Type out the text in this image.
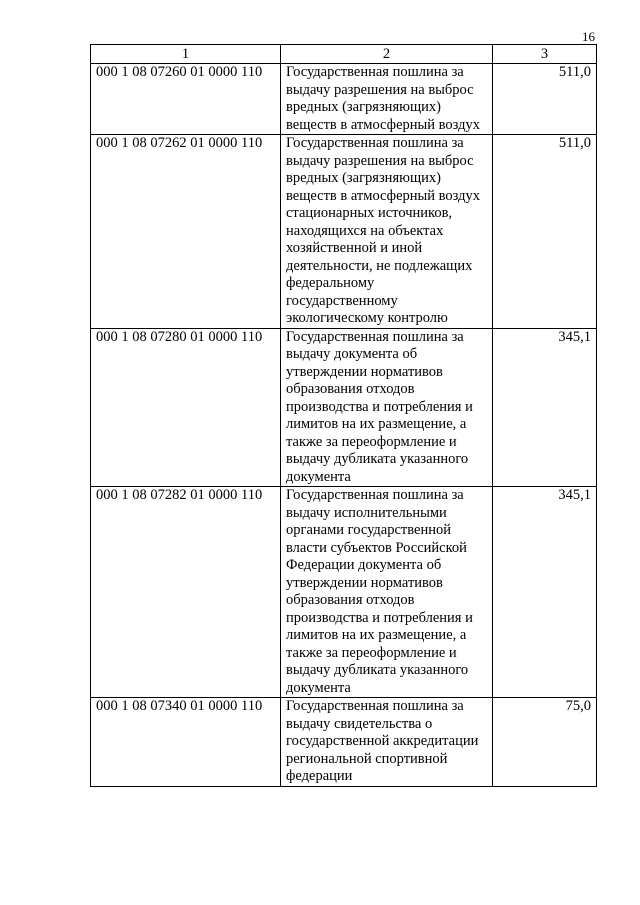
16
1	2	3
000 1 08 07260 01 0000 110	Государственная пошлина за выдачу разрешения на выброс вредных (загрязняющих) веществ в атмосферный воздух	511,0
000 1 08 07262 01 0000 110	Государственная пошлина за выдачу разрешения на выброс вредных (загрязняющих) веществ в атмосферный воздух стационарных источников, находящихся на объектах хозяйственной и иной деятельности, не подлежащих федеральному государственному экологическому контролю	511,0
000 1 08 07280 01 0000 110	Государственная пошлина за выдачу документа об утверждении нормативов образования отходов производства и потребления и лимитов на их размещение, а также за переоформление и выдачу дубликата указанного документа	345,1
000 1 08 07282 01 0000 110	Государственная пошлина за выдачу исполнительными органами государственной власти субъектов Российской Федерации документа об утверждении нормативов образования отходов производства и потребления и лимитов на их размещение, а также за переоформление и выдачу дубликата указанного документа	345,1
000 1 08 07340 01 0000 110	Государственная пошлина за выдачу свидетельства о государственной аккредитации региональной спортивной федерации	75,0
